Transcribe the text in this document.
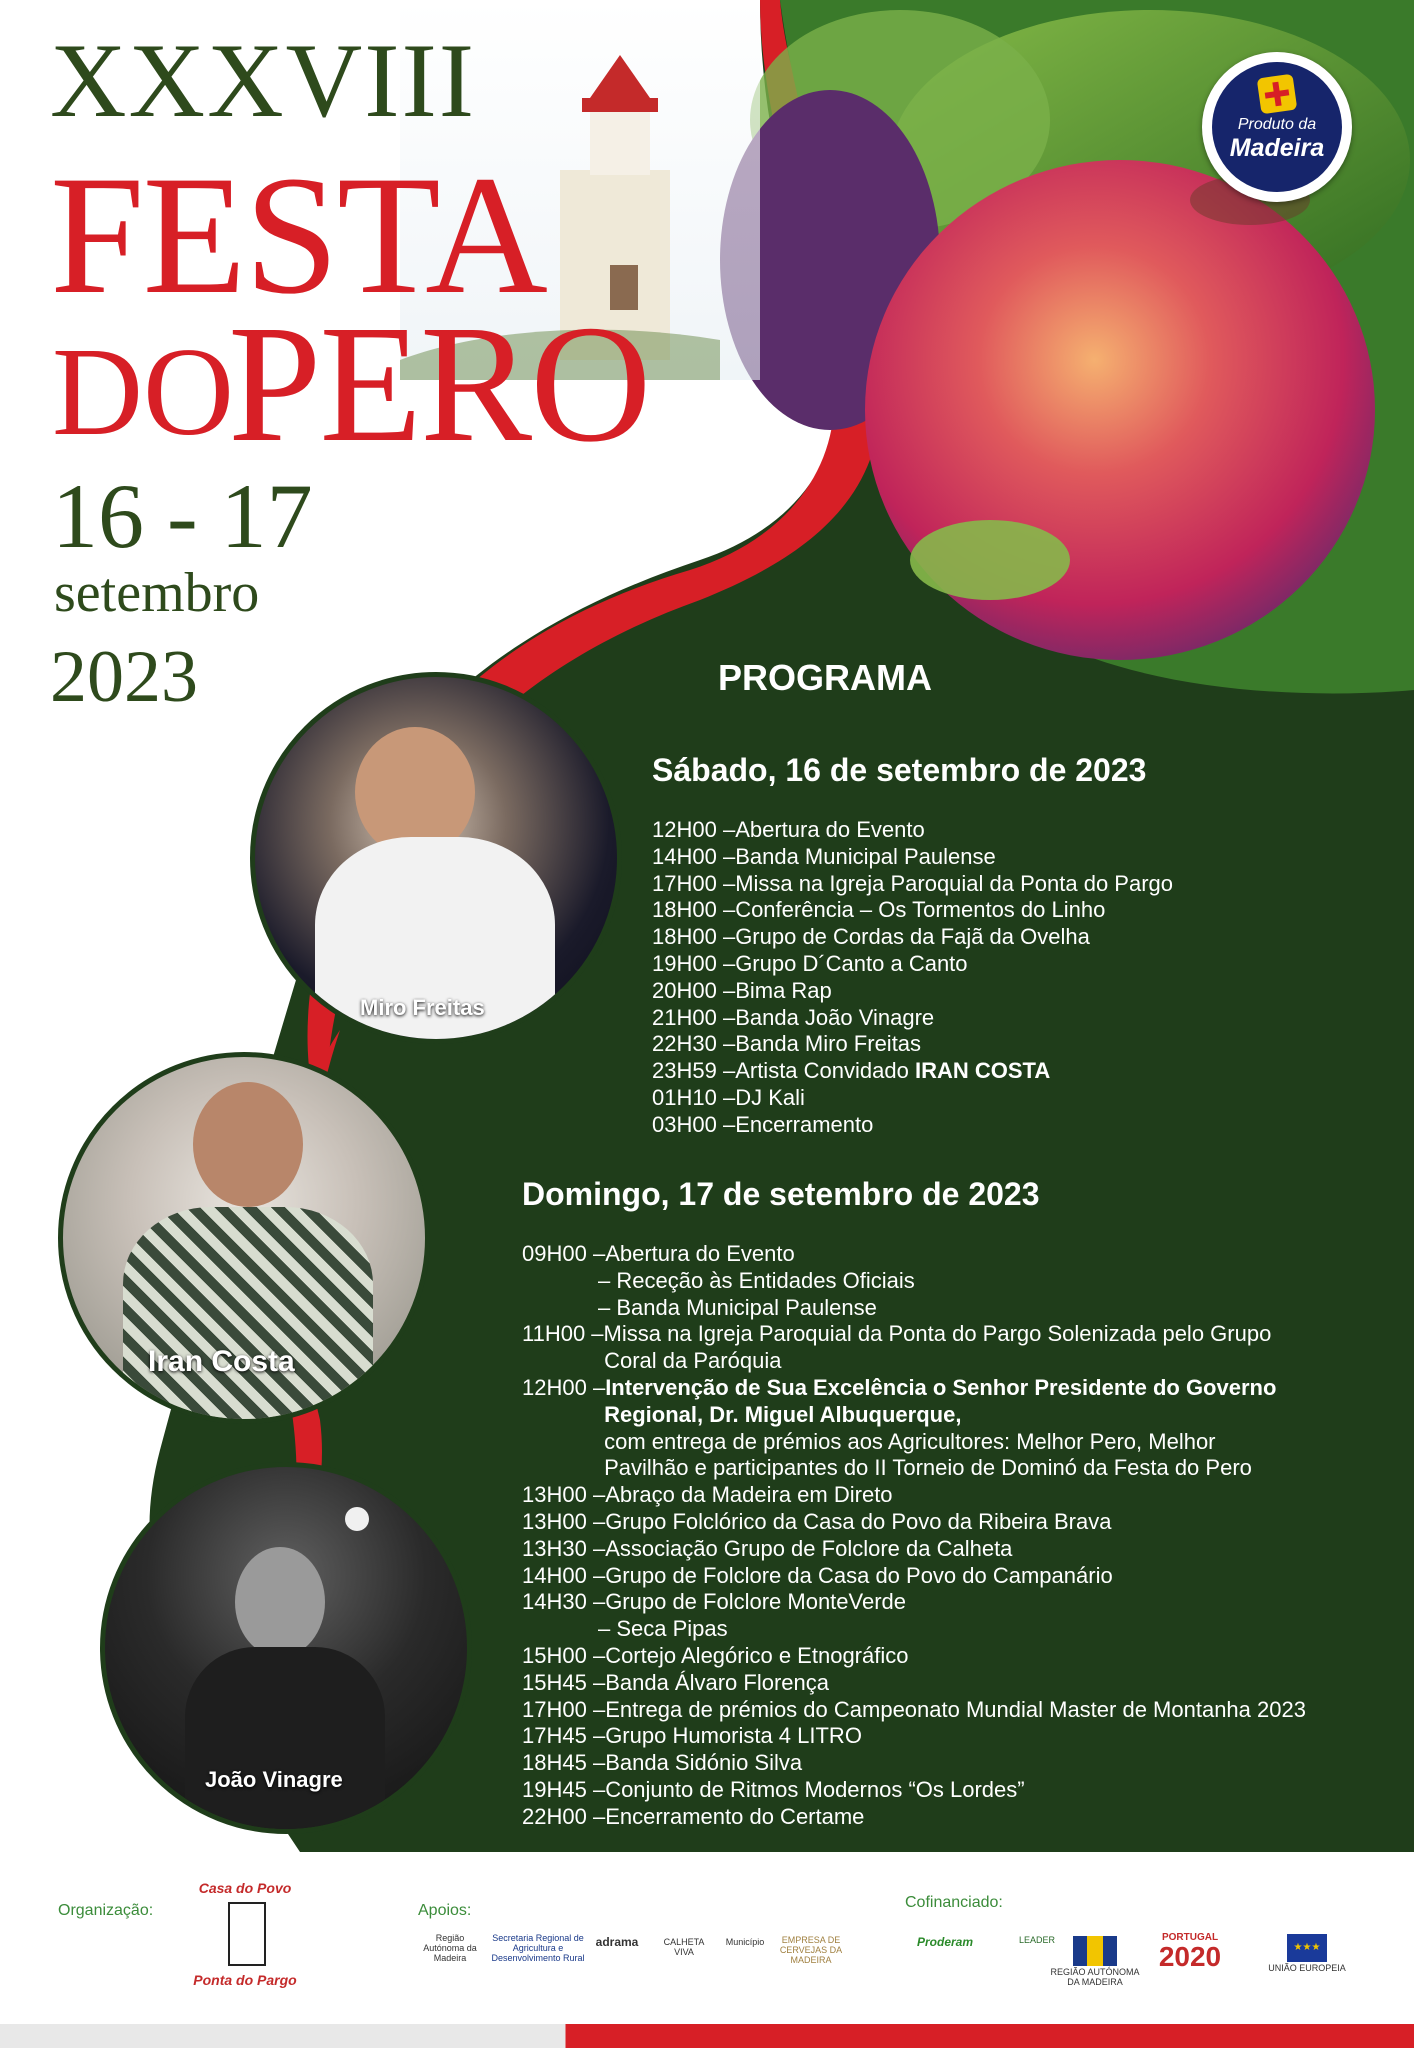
XXXVIII
FESTA
DO
PERO
16 - 17
setembro
2023
Produto da
Madeira
PROGRAMA
Sábado, 16 de setembro de 2023
12H00 –Abertura do Evento
14H00 –Banda Municipal Paulense
17H00 –Missa na Igreja Paroquial da Ponta do Pargo
18H00 –Conferência – Os Tormentos do Linho
18H00 –Grupo de Cordas da Fajã da Ovelha
19H00 –Grupo D´Canto a Canto
20H00 –Bima Rap
21H00 –Banda João Vinagre
22H30 –Banda Miro Freitas
23H59 –Artista Convidado IRAN COSTA
01H10 –DJ Kali
03H00 –Encerramento
Domingo, 17 de setembro de 2023
09H00 –Abertura do Evento
– Receção às Entidades Oficiais
– Banda Municipal Paulense
11H00 –Missa na Igreja Paroquial da Ponta do Pargo Solenizada pelo Grupo
Coral da Paróquia
12H00 –Intervenção de Sua Excelência o Senhor Presidente do Governo
Regional, Dr. Miguel Albuquerque,
com entrega de prémios aos Agricultores: Melhor Pero, Melhor
Pavilhão e participantes do II Torneio de Dominó da Festa do Pero
13H00 –Abraço da Madeira em Direto
13H00 –Grupo Folclórico da Casa do Povo da Ribeira Brava
13H30 –Associação Grupo de Folclore da Calheta
14H00 –Grupo de Folclore da Casa do Povo do Campanário
14H30 –Grupo de Folclore MonteVerde
– Seca Pipas
15H00 –Cortejo Alegórico e Etnográfico
15H45 –Banda Álvaro Florença
17H00 –Entrega de prémios do Campeonato Mundial Master de Montanha 2023
17H45 –Grupo Humorista 4 LITRO
18H45 –Banda Sidónio Silva
19H45 –Conjunto de Ritmos Modernos “Os Lordes”
22H00 –Encerramento do Certame
Miro Freitas
Iran Costa
João Vinagre
Organização:
Casa do Povo
Ponta do Pargo
Apoios:
Região Autónoma da Madeira
Secretaria Regional de Agricultura e Desenvolvimento Rural
adrama	CALHETA VIVA
Município	EMPRESA DE CERVEJAS DA MADEIRA
Cofinanciado:
Proderam	LEADER
REGIÃO AUTÓNOMA DA MADEIRA
PORTUGAL
2020	★★★
UNIÃO EUROPEIA
